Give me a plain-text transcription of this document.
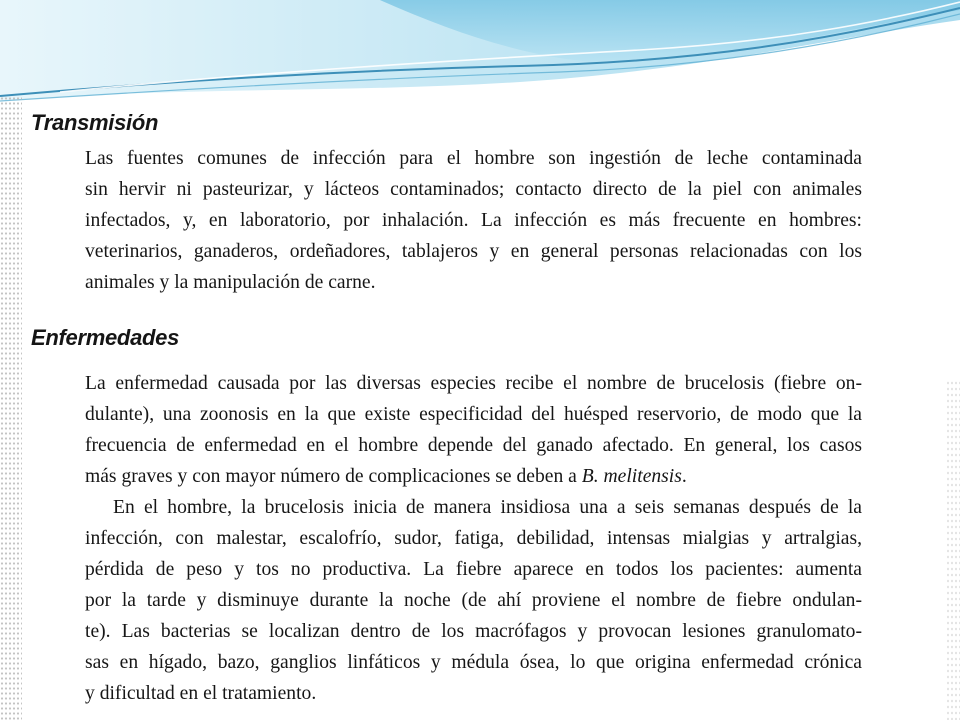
Transmisión

Las fuentes comunes de infección para el hombre son ingestión de leche contaminada
sin hervir ni pasteurizar, y lácteos contaminados; contacto directo de la piel con animales
infectados, y, en laboratorio, por inhalación. La infección es más frecuente en hombres:
veterinarios, ganaderos, ordeñadores, tablajeros y en general personas relacionadas con los
animales y la manipulación de carne.

Enfermedades

La enfermedad causada por las diversas especies recibe el nombre de brucelosis (fiebre on-
dulante), una zoonosis en la que existe especificidad del huésped reservorio, de modo que la
frecuencia de enfermedad en el hombre depende del ganado afectado. En general, los casos
más graves y con mayor número de complicaciones se deben a B. melitensis.

En el hombre, la brucelosis inicia de manera insidiosa una a seis semanas después de la
infección, con malestar, escalofrío, sudor, fatiga, debilidad, intensas mialgias y artralgias,
pérdida de peso y tos no productiva. La fiebre aparece en todos los pacientes: aumenta
por la tarde y disminuye durante la noche (de ahí proviene el nombre de fiebre ondulan-
te). Las bacterias se localizan dentro de los macrófagos y provocan lesiones granulomato-
sas en hígado, bazo, ganglios linfáticos y médula ósea, lo que origina enfermedad crónica
y dificultad en el tratamiento.
